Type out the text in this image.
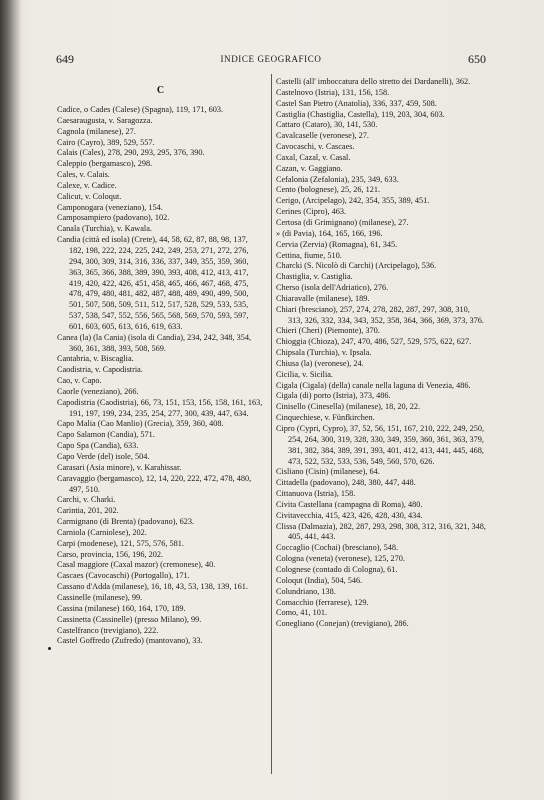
649	INDICE GEOGRAFICO	650
C
Cadice, o Cades (Calese) (Spagna), 119, 171, 603.
Caesaraugusta, v. Saragozza.
Cagnola (milanese), 27.
Cairo (Cayro), 389, 529, 557.
Calais (Cales), 278, 290, 293, 295, 376, 390.
Caleppio (bergamasco), 298.
Cales, v. Calais.
Calexe, v. Cadice.
Calicut, v. Coloqut.
Camponogara (veneziano), 154.
Camposampiero (padovano), 102.
Canala (Turchia), v. Kawala.
Candia (città ed isola) (Crete), 44, 58, 62, 87, 88, 98, 137, 182, 198, 222, 224, 225, 242, 249, 253, 271, 272, 276, 294, 300, 309, 314, 316, 336, 337, 349, 355, 359, 360, 363, 365, 366, 388, 389, 390, 393, 408, 412, 413, 417, 419, 420, 422, 426, 451, 458, 465, 466, 467, 468, 475, 478, 479, 480, 481, 482, 487, 488, 489, 490, 499, 500, 501, 507, 508, 509, 511, 512, 517, 528, 529, 533, 535, 537, 538, 547, 552, 556, 565, 568, 569, 570, 593, 597, 601, 603, 605, 613, 616, 619, 633.
Canea (la) (la Cania) (isola di Candia), 234, 242, 348, 354, 360, 361, 388, 393, 508, 569.
Cantabria, v. Biscaglia.
Caodistria, v. Capodistria.
Cao, v. Capo.
Caorle (veneziano), 266.
Capodistria (Caodistria), 66, 73, 151, 153, 156, 158, 161, 163, 191, 197, 199, 234, 235, 254, 277, 300, 439, 447, 634.
Capo Malia (Cao Manlio) (Grecia), 359, 360, 408.
Capo Salamon (Candia), 571.
Capo Spa (Candia), 633.
Capo Verde (del) isole, 504.
Carasari (Asia minore), v. Karahissar.
Caravaggio (bergamasco), 12, 14, 220, 222, 472, 478, 480, 497, 510.
Carchi, v. Charki.
Carintia, 201, 202.
Carmignano (di Brenta) (padovano), 623.
Carniola (Carniolese), 202.
Carpi (modenese), 121, 575, 576, 581.
Carso, provincia, 156, 196, 202.
Casal maggiore (Caxal mazor) (cremonese), 40.
Cascaes (Cavocaschi) (Portogallo), 171.
Cassano d'Adda (milanese), 16, 18, 43, 53, 138, 139, 161.
Cassinelle (milanese), 99.
Cassina (milanese) 160, 164, 170, 189.
Cassinetta (Cassinelle) (presso Milano), 99.
Castelfranco (trevigiano), 222.
Castel Goffredo (Zufredo) (mantovano), 33.
Castelli (all' imboccatura dello stretto dei Dardanelli), 362.
Castelnovo (Istria), 131, 156, 158.
Castel San Pietro (Anatolia), 336, 337, 459, 508.
Castiglia (Chastiglia, Castella), 119, 203, 304, 603.
Cattaro (Cataro), 30, 141, 530.
Cavalcaselle (veronese), 27.
Cavocaschi, v. Cascaes.
Caxal, Cazal, v. Casal.
Cazan, v. Gaggiano.
Cefalonia (Zefalonia), 235, 349, 633.
Cento (bolognese), 25, 26, 121.
Cerigo, (Arcipelago), 242, 354, 355, 389, 451.
Cerines (Cipro), 463.
Certosa (di Grimignano) (milanese), 27.
» (di Pavia), 164, 165, 166, 196.
Cervia (Zervia) (Romagna), 61, 345.
Cettina, fiume, 510.
Charcki (S. Nicolò di Carchi) (Arcipelago), 536.
Chastiglia, v. Castiglia.
Cherso (isola dell'Adriatico), 276.
Chiaravalle (milanese), 189.
Chiari (bresciano), 257, 274, 278, 282, 287, 297, 308, 310, 313, 326, 332, 334, 343, 352, 358, 364, 366, 369, 373, 376.
Chieri (Cheri) (Piemonte), 370.
Chioggia (Chioza), 247, 470, 486, 527, 529, 575, 622, 627.
Chipsala (Turchia), v. Ipsala.
Chiusa (la) (veronese), 24.
Cicilia, v. Sicilia.
Cigala (Cigala) (della) canale nella laguna di Venezia, 486.
Cigala (di) porto (Istria), 373, 486.
Cinisello (Cinesella) (milanese), 18, 20, 22.
Cinquechiese, v. Fünfkirchen.
Cipro (Cypri, Cypro), 37, 52, 56, 151, 167, 210, 222, 249, 250, 254, 264, 300, 319, 328, 330, 349, 359, 360, 361, 363, 379, 381, 382, 384, 389, 391, 393, 401, 412, 413, 441, 445, 468, 473, 522, 532, 533, 536, 549, 560, 570, 626.
Cisliano (Cisin) (milanese), 64.
Cittadella (padovano), 248, 380, 447, 448.
Cittanuova (Istria), 158.
Civita Castellana (campagna di Roma), 480.
Civitavecchia, 415, 423, 426, 428, 430, 434.
Clissa (Dalmazia), 282, 287, 293, 298, 308, 312, 316, 321, 348, 405, 441, 443.
Coccaglio (Cochai) (bresciano), 548.
Cologna (veneta) (veronese), 125, 270.
Colognese (contado di Cologna), 61.
Coloqut (India), 504, 546.
Colundriano, 138.
Comacchio (ferrarese), 129.
Como, 41, 101.
Conegliano (Conejan) (trevigiano), 286.
